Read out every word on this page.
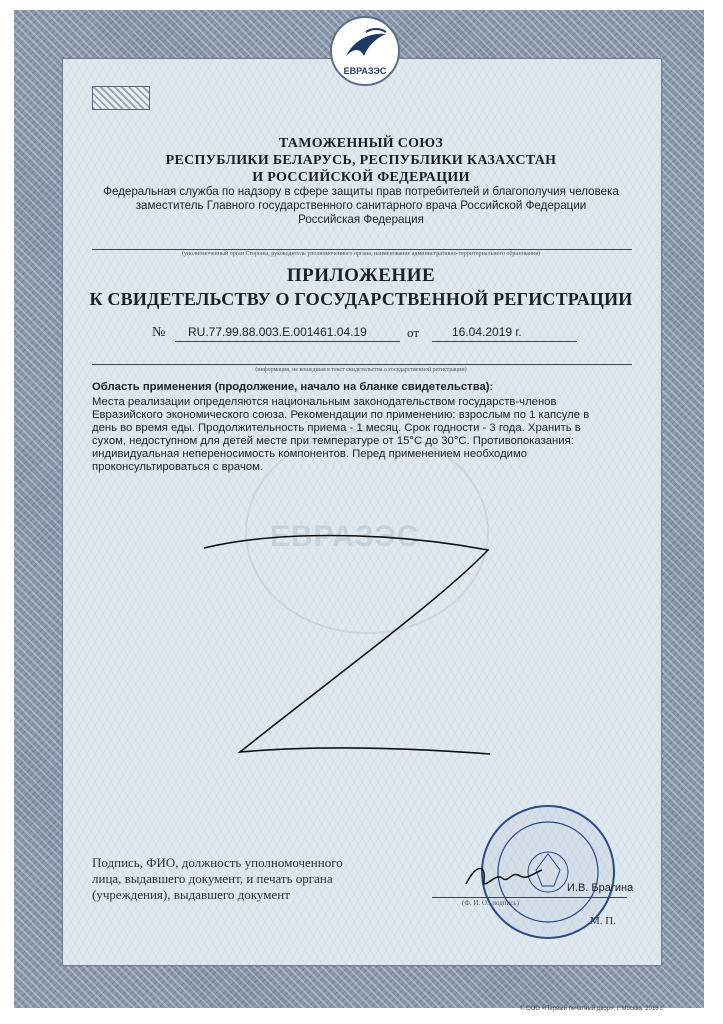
ЕВРАЗЭС
ЕВРАЗЭС
ТАМОЖЕННЫЙ СОЮЗ
РЕСПУБЛИКИ БЕЛАРУСЬ, РЕСПУБЛИКИ КАЗАХСТАН
И РОССИЙСКОЙ ФЕДЕРАЦИИ
Федеральная служба по надзору в сфере защиты прав потребителей и благополучия человека
заместитель Главного государственного санитарного врача Российской Федерации
Российская Федерация
(уполномоченный орган Стороны, руководитель уполномоченного органа, наименование административно-территориального образования)
ПРИЛОЖЕНИЕ
К СВИДЕТЕЛЬСТВУ О ГОСУДАРСТВЕННОЙ РЕГИСТРАЦИИ
№ RU.77.99.88.003.E.001461.04.19	от	16.04.2019 г.
(информация, не вошедшая в текст свидетельства о государственной регистрации)
Область применения (продолжение, начало на бланке свидетельства):
Места реализации определяются национальным законодательством государств-членов
Евразийского экономического союза. Рекомендации по применению: взрослым по 1 капсуле в
день во время еды. Продолжительность приема - 1 месяц. Срок годности - 3 года. Хранить в
сухом, недоступном для детей месте при температуре от 15°С до 30°С. Противопоказания:
индивидуальная непереносимость компонентов. Перед применением необходимо
проконсультироваться с врачом.
Подпись, ФИО, должность уполномоченного
лица, выдавшего документ, и печать органа
(учреждения), выдавшего документ	И.В. Брагина
(Ф. И. О., подпись)
М. П.
© ООО «Первый печатный двор», г. Москва, 2018 г.
